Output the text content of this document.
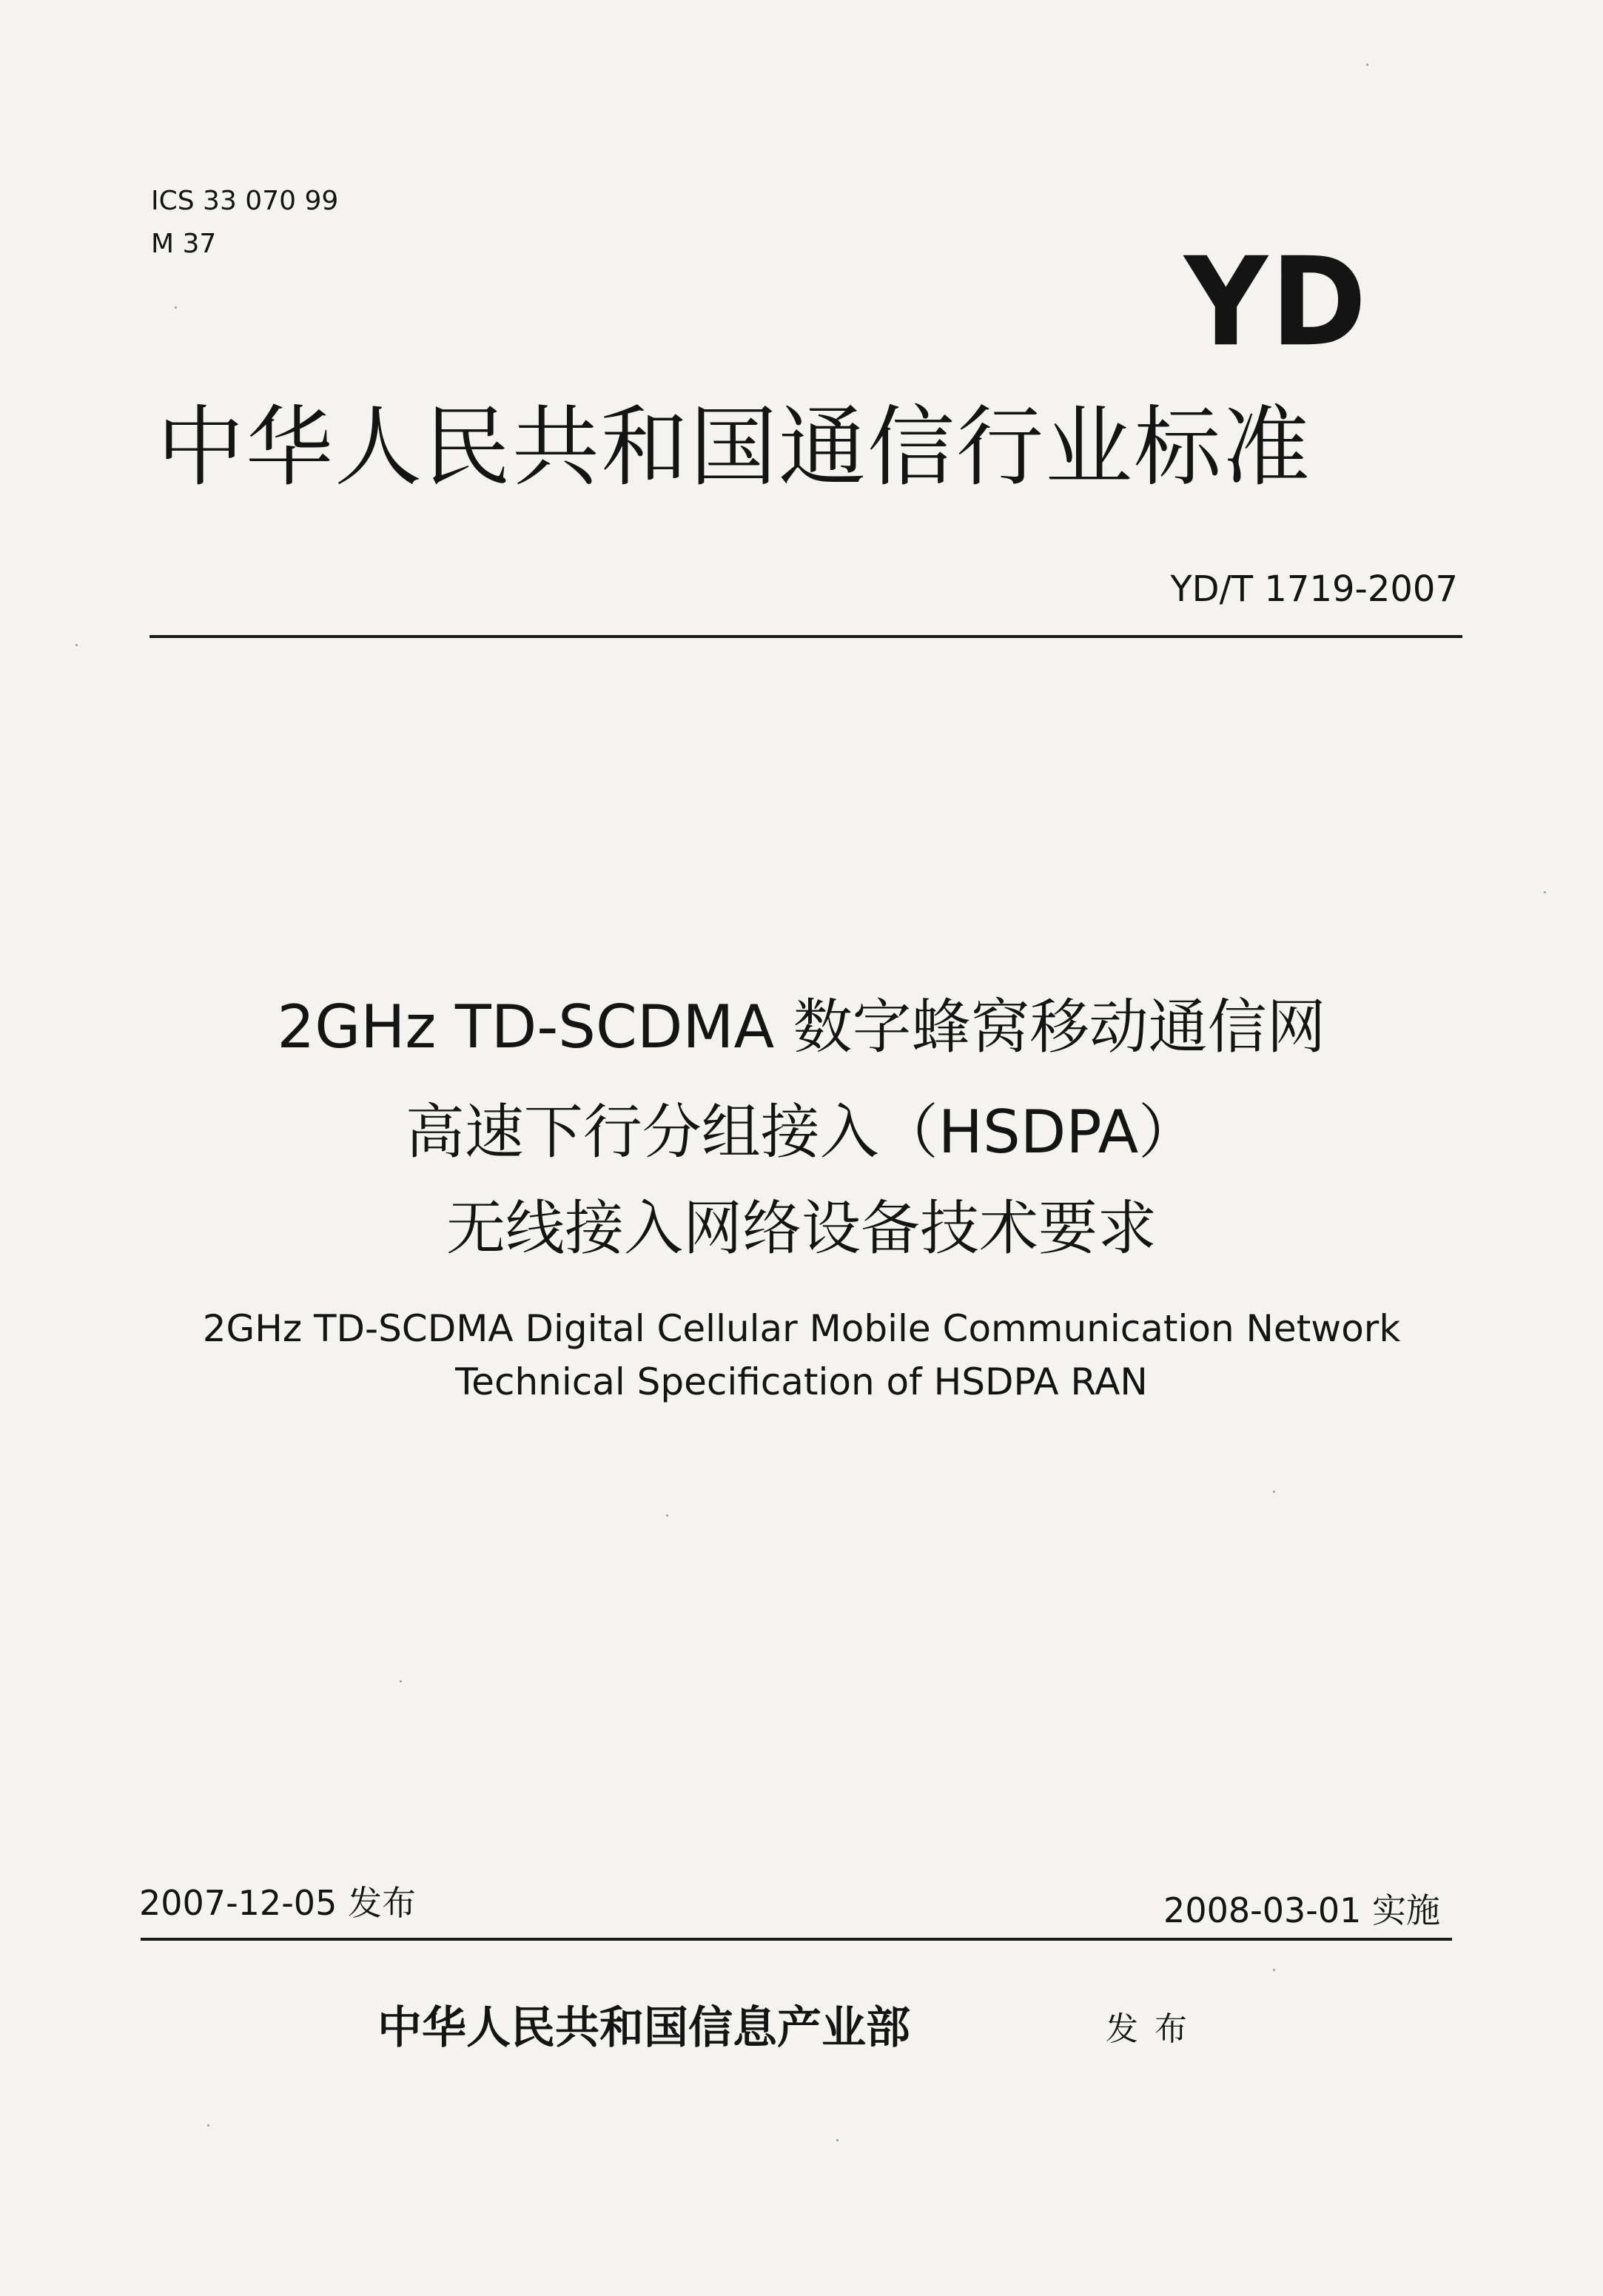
ICS 33 070 99
M 37	YD
中华人民共和国通信行业标准
YD/T 1719-2007
2GHz TD-SCDMA 数字蜂窝移动通信网
高速下行分组接入（HSDPA）
无线接入网络设备技术要求
2GHz TD-SCDMA Digital Cellular Mobile Communication Network
Technical Specification of HSDPA RAN
2007-12-05 发布	2008-03-01 实施
中华人民共和国信息产业部	发布
